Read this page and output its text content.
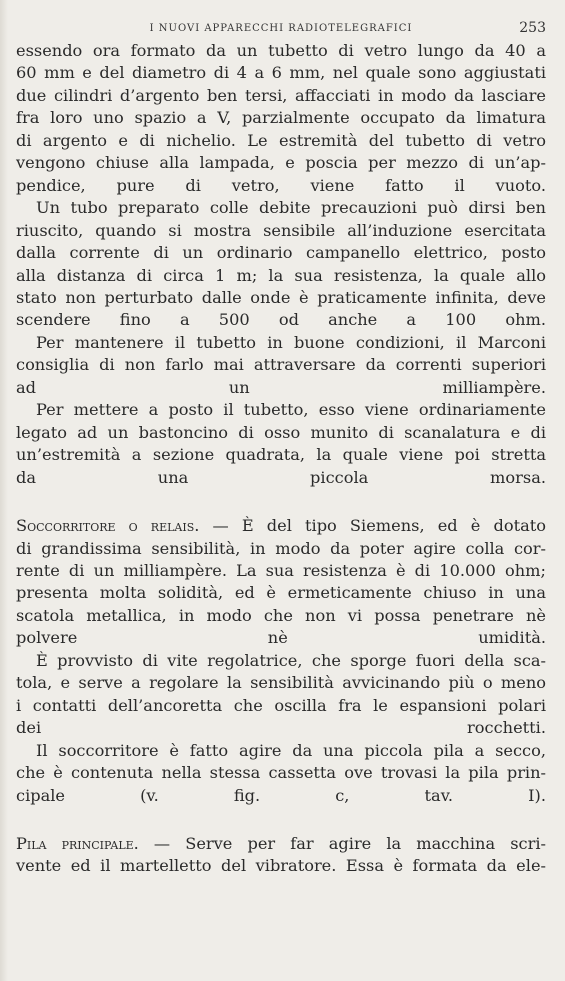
I NUOVI APPARECCHI RADIOTELEGRAFICI	253
essendo ora formato da un tubetto di vetro lungo da 40 a
60 mm e del diametro di 4 a 6 mm, nel quale sono aggiustati
due cilindri d’argento ben tersi, affacciati in modo da lasciare
fra loro uno spazio a V, parzialmente occupato da limatura
di argento e di nichelio. Le estremità del tubetto di vetro
vengono chiuse alla lampada, e poscia per mezzo di un’ap-
pendice, pure di vetro, viene fatto il vuoto.
Un tubo preparato colle debite precauzioni può dirsi ben
riuscito, quando si mostra sensibile all’induzione esercitata
dalla corrente di un ordinario campanello elettrico, posto
alla distanza di circa 1 m; la sua resistenza, la quale allo
stato non perturbato dalle onde è praticamente infinita, deve
scendere fino a 500 od anche a 100 ohm.
Per mantenere il tubetto in buone condizioni, il Marconi
consiglia di non farlo mai attraversare da correnti superiori
ad un milliampère.
Per mettere a posto il tubetto, esso viene ordinariamente
legato ad un bastoncino di osso munito di scanalatura e di
un’estremità a sezione quadrata, la quale viene poi stretta
da una piccola morsa.
Soccorritore o relais. — È del tipo Siemens, ed è dotato
di grandissima sensibilità, in modo da poter agire colla cor-
rente di un milliampère. La sua resistenza è di 10.000 ohm;
presenta molta solidità, ed è ermeticamente chiuso in una
scatola metallica, in modo che non vi possa penetrare nè
polvere nè umidità.
È provvisto di vite regolatrice, che sporge fuori della sca-
tola, e serve a regolare la sensibilità avvicinando più o meno
i contatti dell’ancoretta che oscilla fra le espansioni polari
dei rocchetti.
Il soccorritore è fatto agire da una piccola pila a secco,
che è contenuta nella stessa cassetta ove trovasi la pila prin-
cipale (v. fig. c, tav. I).
Pila principale. — Serve per far agire la macchina scri-
vente ed il martelletto del vibratore. Essa è formata da ele-
